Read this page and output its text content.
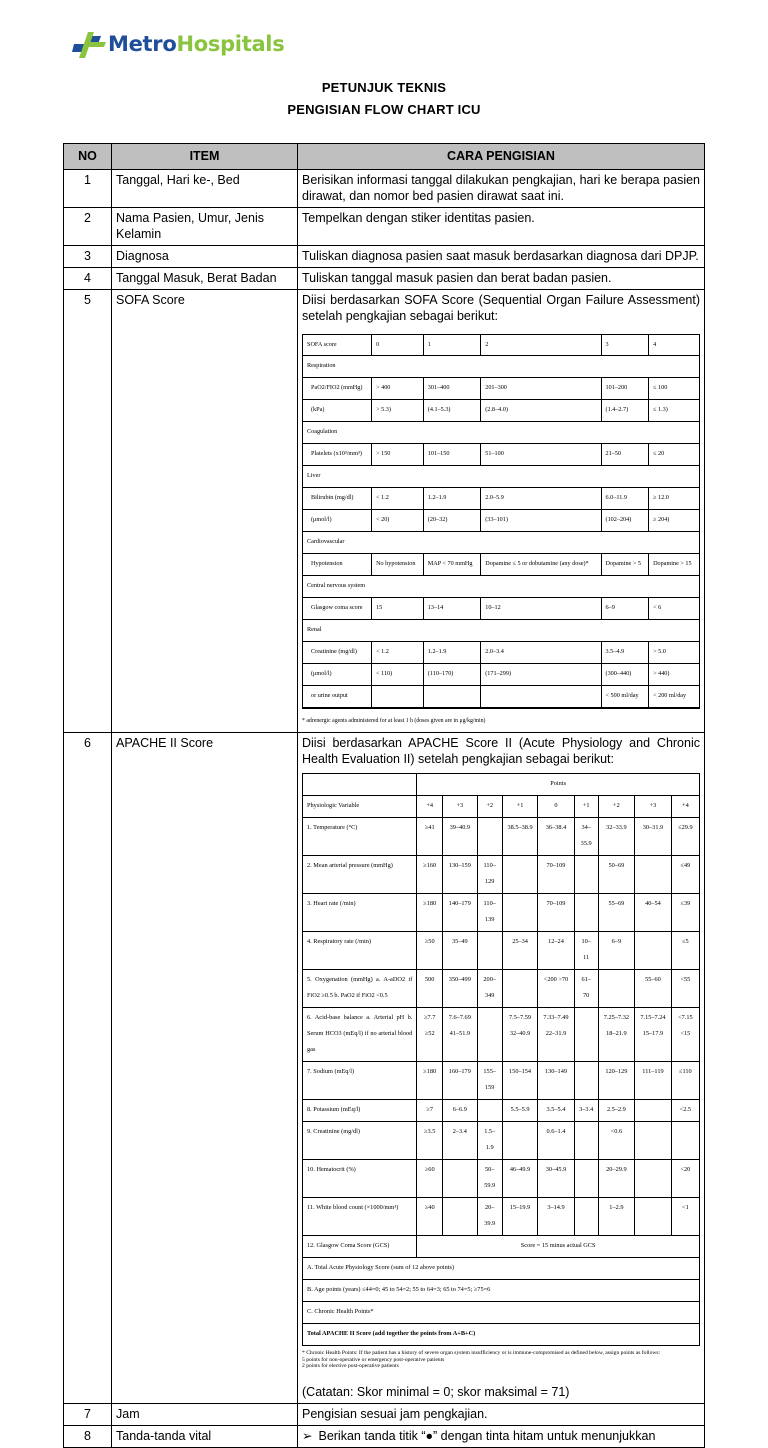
MetroHospitals
PETUNJUK TEKNIS
PENGISIAN FLOW CHART ICU
NO	ITEM	CARA PENGISIAN
1	Tanggal, Hari ke-, Bed	Berisikan informasi tanggal dilakukan pengkajian, hari ke berapa pasien dirawat, dan nomor bed pasien dirawat saat ini.
2	Nama Pasien, Umur, Jenis Kelamin	Tempelkan dengan stiker identitas pasien.
3	Diagnosa	Tuliskan diagnosa pasien saat masuk berdasarkan diagnosa dari DPJP.
4	Tanggal Masuk, Berat Badan	Tuliskan tanggal masuk pasien dan berat badan pasien.
5	SOFA Score	Diisi berdasarkan SOFA Score (Sequential Organ Failure Assessment) setelah pengkajian sebagai berikut:
SOFA score	0	1	2	3	4
Respiration
PaO2/FIO2 (mmHg)	> 400	301–400	201–300	101–200	≤ 100
(kPa)	> 5.3)	(4.1–5.3)	(2.8–4.0)	(1.4–2.7)	≤ 1.3)
Coagulation
Platelets (x10³/mm³)	> 150	101–150	51–100	21–50	≤ 20
Liver
Bilirubin (mg/dl)	< 1.2	1.2–1.9	2.0–5.9	6.0–11.9	≥ 12.0
(μmol/l)	< 20)	(20–32)	(33–101)	(102–204)	≥ 204)
Cardiovascular
Hypotension	No hypotension	MAP < 70 mmHg	Dopamine ≤ 5 or dobutamine (any dose)*	Dopamine > 5	Dopamine > 15
Central nervous system
Glasgow coma score	15	13–14	10–12	6–9	< 6
Renal
Creatinine (mg/dl)	< 1.2	1.2–1.9	2.0–3.4	3.5–4.9	> 5.0
(μmol/l)	< 110)	(110–170)	(171–299)	(300–440)	> 440)
or urine output				< 500 ml/day	< 200 ml/day

* adrenergic agents administered for at least 1 h (doses given are in μg/kg/min)

6	APACHE II Score	Diisi berdasarkan APACHE Score II (Acute Physiology and Chronic Health Evaluation II) setelah pengkajian sebagai berikut:
	Points
Physiologic Variable	+4	+3	+2	+1	0	+1	+2	+3	+4
1. Temperature (°C)	≥41	39–40.9		38.5–38.9	36–38.4	34–35.9	32–33.9	30–31.9	≤29.9
2. Mean arterial pressure (mmHg)	≥160	130–159	110–129		70–109		50–69		≤49
3. Heart rate (/min)	≥180	140–179	110–139		70–109		55–69	40–54	≤39
4. Respiratory rate (/min)	≥50	35–49		25–34	12–24	10–11	6–9		≤5
5. Oxygenation (mmHg) a. A-aDO2 if FiO2 ≥0.5 b. PaO2 if FiO2 <0.5	500	350–499	200–349		<200 >70	61–70		55–60	<55
6. Acid-base balance a. Arterial pH b. Serum HCO3 (mEq/l) if no arterial blood gas	≥7.7 ≥52	7.6–7.69 41–51.9		7.5–7.59 32–40.9	7.33–7.49 22–31.9		7.25–7.32 18–21.9	7.15–7.24 15–17.9	<7.15 <15
7. Sodium (mEq/l)	≥180	160–179	155–159	150–154	130–149		120–129	111–119	≤110
8. Potassium (mEq/l)	≥7	6–6.9		5.5–5.9	3.5–5.4	3–3.4	2.5–2.9		<2.5
9. Creatinine (mg/dl)	≥3.5	2–3.4	1.5–1.9		0.6–1.4		<0.6		
10. Hematocrit (%)	≥60		50–59.9	46–49.9	30–45.9		20–29.9		<20
11. White blood count (×1000/mm³)	≥40		20–39.9	15–19.9	3–14.9		1–2.9		<1
12. Glasgow Coma Score (GCS)	Score = 15 minus actual GCS
A. Total Acute Physiology Score (sum of 12 above points)
B. Age points (years) ≤44=0; 45 to 54=2; 55 to 64=3; 65 to 74=5; ≥75=6
C. Chronic Health Points*
Total APACHE II Score (add together the points from A+B+C)
* Chronic Health Points: If the patient has a history of severe organ system insufficiency or is immune-compromised as defined below, assign points as follows:
5 points for non-operative or emergency post-operative patients
2 points for elective post-operative patients
(Catatan: Skor minimal = 0; skor maksimal = 71)

7	Jam	Pengisian sesuai jam pengkajian.
8	Tanda-tanda vital	➢ Berikan tanda titik “●” dengan tinta hitam untuk menunjukkan
